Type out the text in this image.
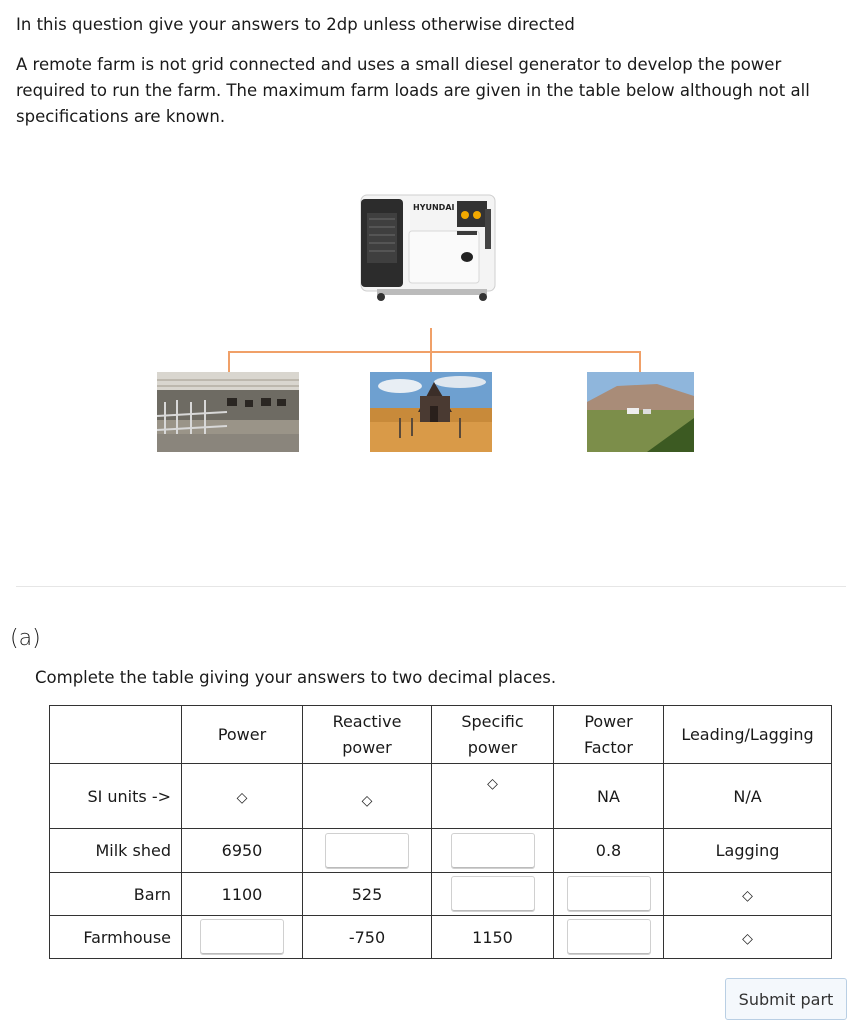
In this question give your answers to 2dp unless otherwise directed

A remote farm is not grid connected and uses a small diesel generator to develop the power required to run the farm. The maximum farm loads are given in the table below although not all specifications are known.

HYUNDAI
(a)
Complete the table giving your answers to two decimal places.
	Power	Reactive power	Specific power	Power Factor	Leading/Lagging
SI units ->	◇	◇	◇	NA	N/A
Milk shed	6950			0.8	Lagging
Barn	1100	525			◇
Farmhouse		-750	1150		◇
Submit part
